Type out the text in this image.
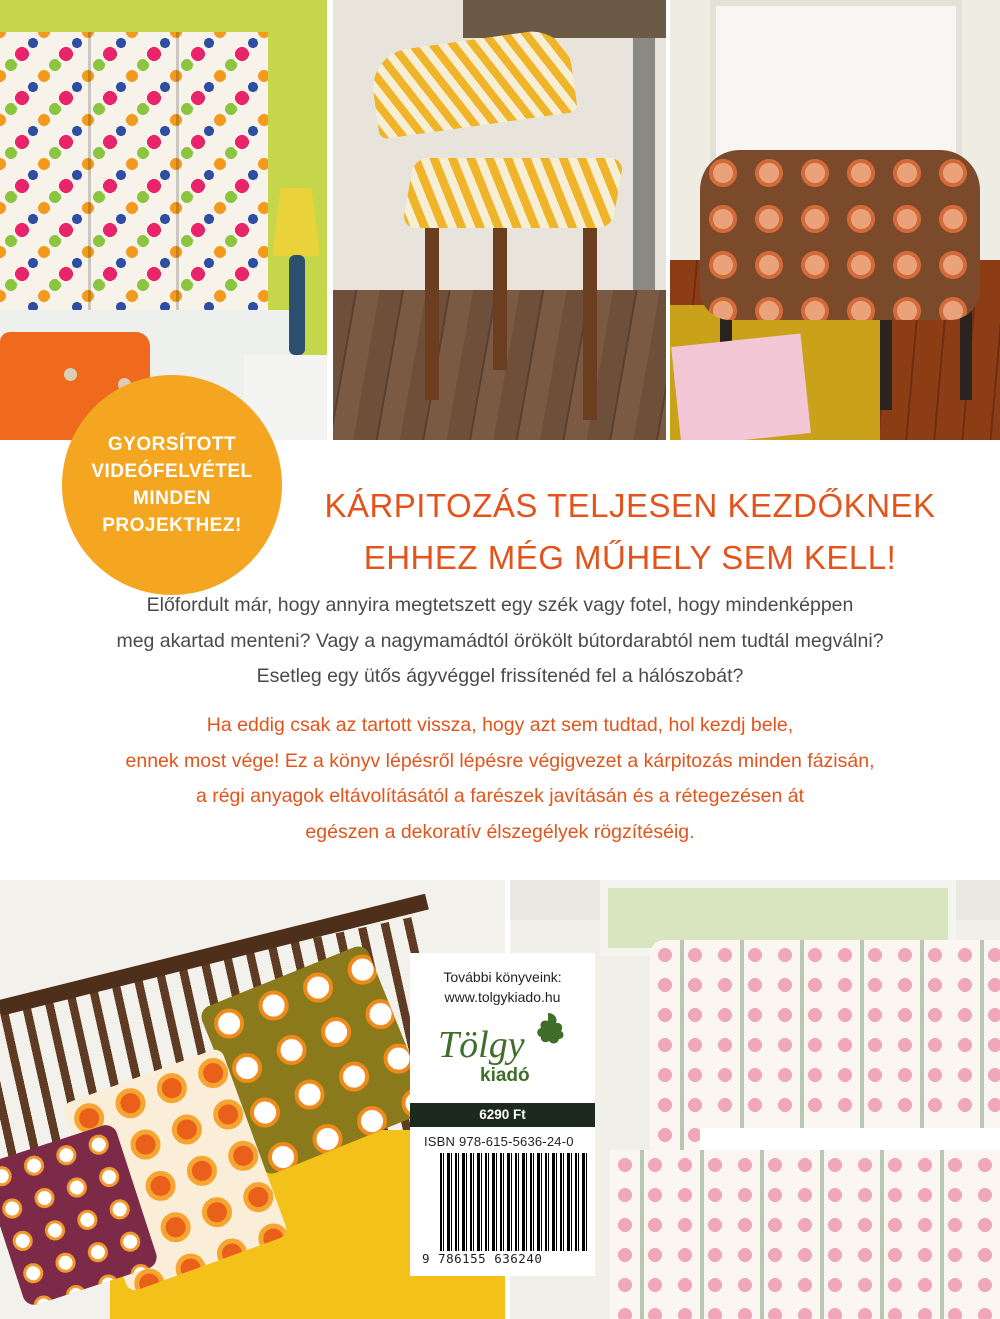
GYORSÍTOTT
VIDEÓFELVÉTEL
MINDEN
PROJEKTHEZ!
KÁRPITOZÁS TELJESEN KEZDŐKNEK
EHHEZ MÉG MŰHELY SEM KELL!
Előfordult már, hogy annyira megtetszett egy szék vagy fotel, hogy mindenképpen
meg akartad menteni? Vagy a nagymamádtól örökölt bútordarabtól nem tudtál megválni?
Esetleg egy ütős ágyvéggel frissítenéd fel a hálószobát?
Ha eddig csak az tartott vissza, hogy azt sem tudtad, hol kezdj bele,
ennek most vége! Ez a könyv lépésről lépésre végigvezet a kárpitozás minden fázisán,
a régi anyagok eltávolításától a farészek javításán és a rétegezésen át
egészen a dekoratív élszegélyek rögzítéséig.
További könyveink:
www.tolgykiado.hu
Tölgy
kiadó
6290 Ft
ISBN 978-615-5636-24-0
9 786155 636240
